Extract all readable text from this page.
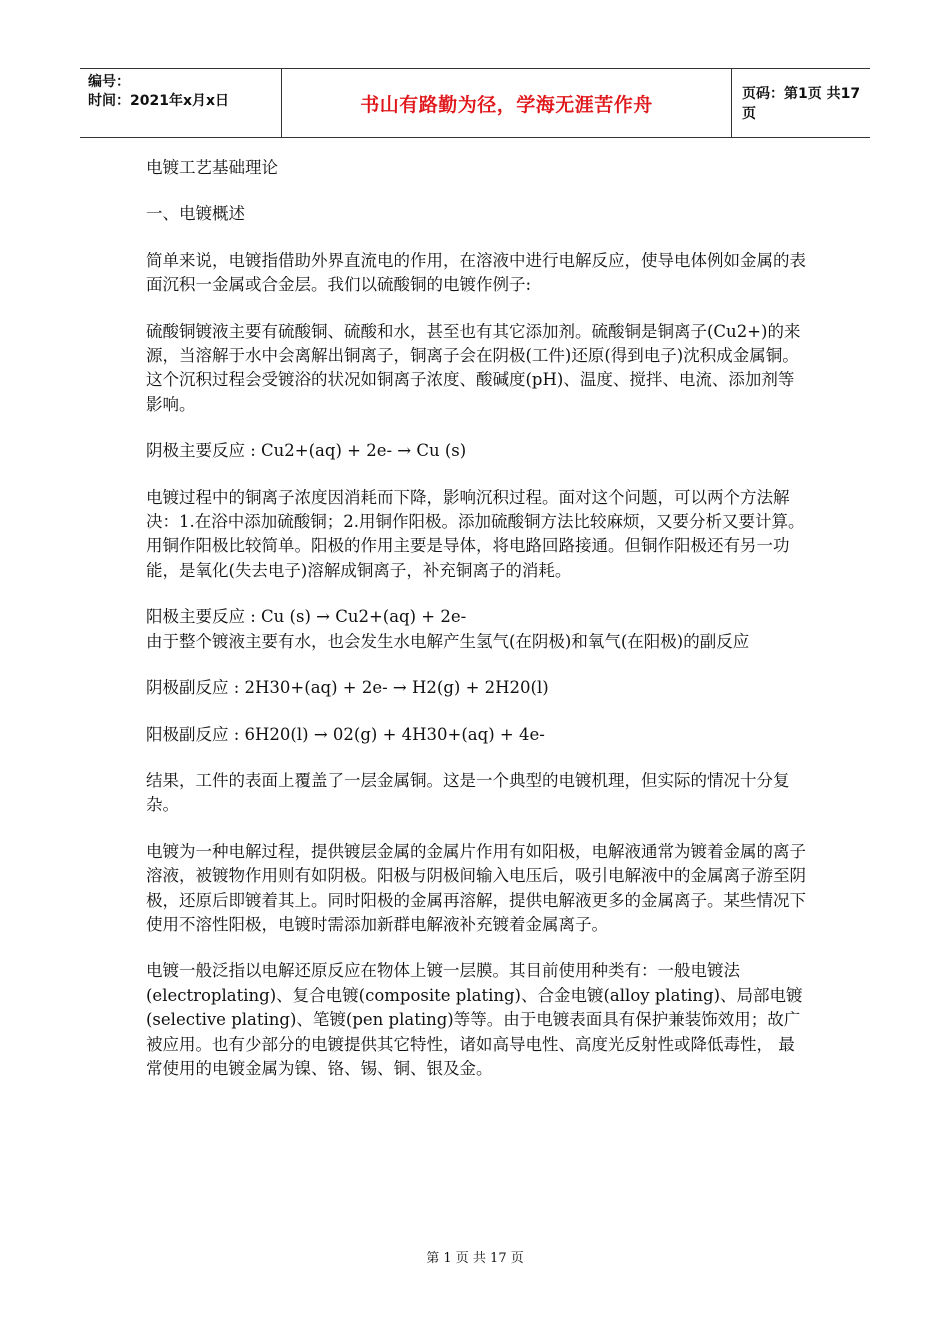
编号：
时间：2021年x月x日	书山有路勤为径，学海无涯苦作舟	页码：第1页 共17页

电镀工艺基础理论

一、电镀概述

简单来说，电镀指借助外界直流电的作用，在溶液中进行电解反应，使导电体例如金属的表面沉积一金属或合金层。我们以硫酸铜的电镀作例子:

硫酸铜镀液主要有硫酸铜、硫酸和水，甚至也有其它添加剂。硫酸铜是铜离子(Cu2+)的来源，当溶解于水中会离解出铜离子，铜离子会在阴极(工件)还原(得到电子)沈积成金属铜。这个沉积过程会受镀浴的状况如铜离子浓度、酸碱度(pH)、温度、搅拌、电流、添加剂等影响。

阴极主要反应 : Cu2+(aq) + 2e- → Cu (s)

电镀过程中的铜离子浓度因消耗而下降，影响沉积过程。面对这个问题，可以两个方法解决：1.在浴中添加硫酸铜；2.用铜作阳极。添加硫酸铜方法比较麻烦，又要分析又要计算。用铜作阳极比较简单。阳极的作用主要是导体，将电路回路接通。但铜作阳极还有另一功能，是氧化(失去电子)溶解成铜离子，补充铜离子的消耗。

阳极主要反应 : Cu (s) → Cu2+(aq) + 2e-

由于整个镀液主要有水，也会发生水电解产生氢气(在阴极)和氧气(在阳极)的副反应

阴极副反应 : 2H30+(aq) + 2e- → H2(g) + 2H20(l)

阳极副反应 : 6H20(l) → 02(g) + 4H30+(aq) + 4e-

结果，工件的表面上覆盖了一层金属铜。这是一个典型的电镀机理，但实际的情况十分复杂。

电镀为一种电解过程，提供镀层金属的金属片作用有如阳极，电解液通常为镀着金属的离子溶液，被镀物作用则有如阴极。阳极与阴极间输入电压后，吸引电解液中的金属离子游至阴极，还原后即镀着其上。同时阳极的金属再溶解，提供电解液更多的金属离子。某些情况下使用不溶性阳极，电镀时需添加新群电解液补充镀着金属离子。

电镀一般泛指以电解还原反应在物体上镀一层膜。其目前使用种类有：一般电镀法(electroplating)、复合电镀(composite plating)、合金电镀(alloy plating)、局部电镀(selective plating)、笔镀(pen plating)等等。由于电镀表面具有保护兼装饰效用；故广被应用。也有少部分的电镀提供其它特性，诸如高导电性、高度光反射性或降低毒性， 最常使用的电镀金属为镍、铬、锡、铜、银及金。

第 1 页 共 17 页
